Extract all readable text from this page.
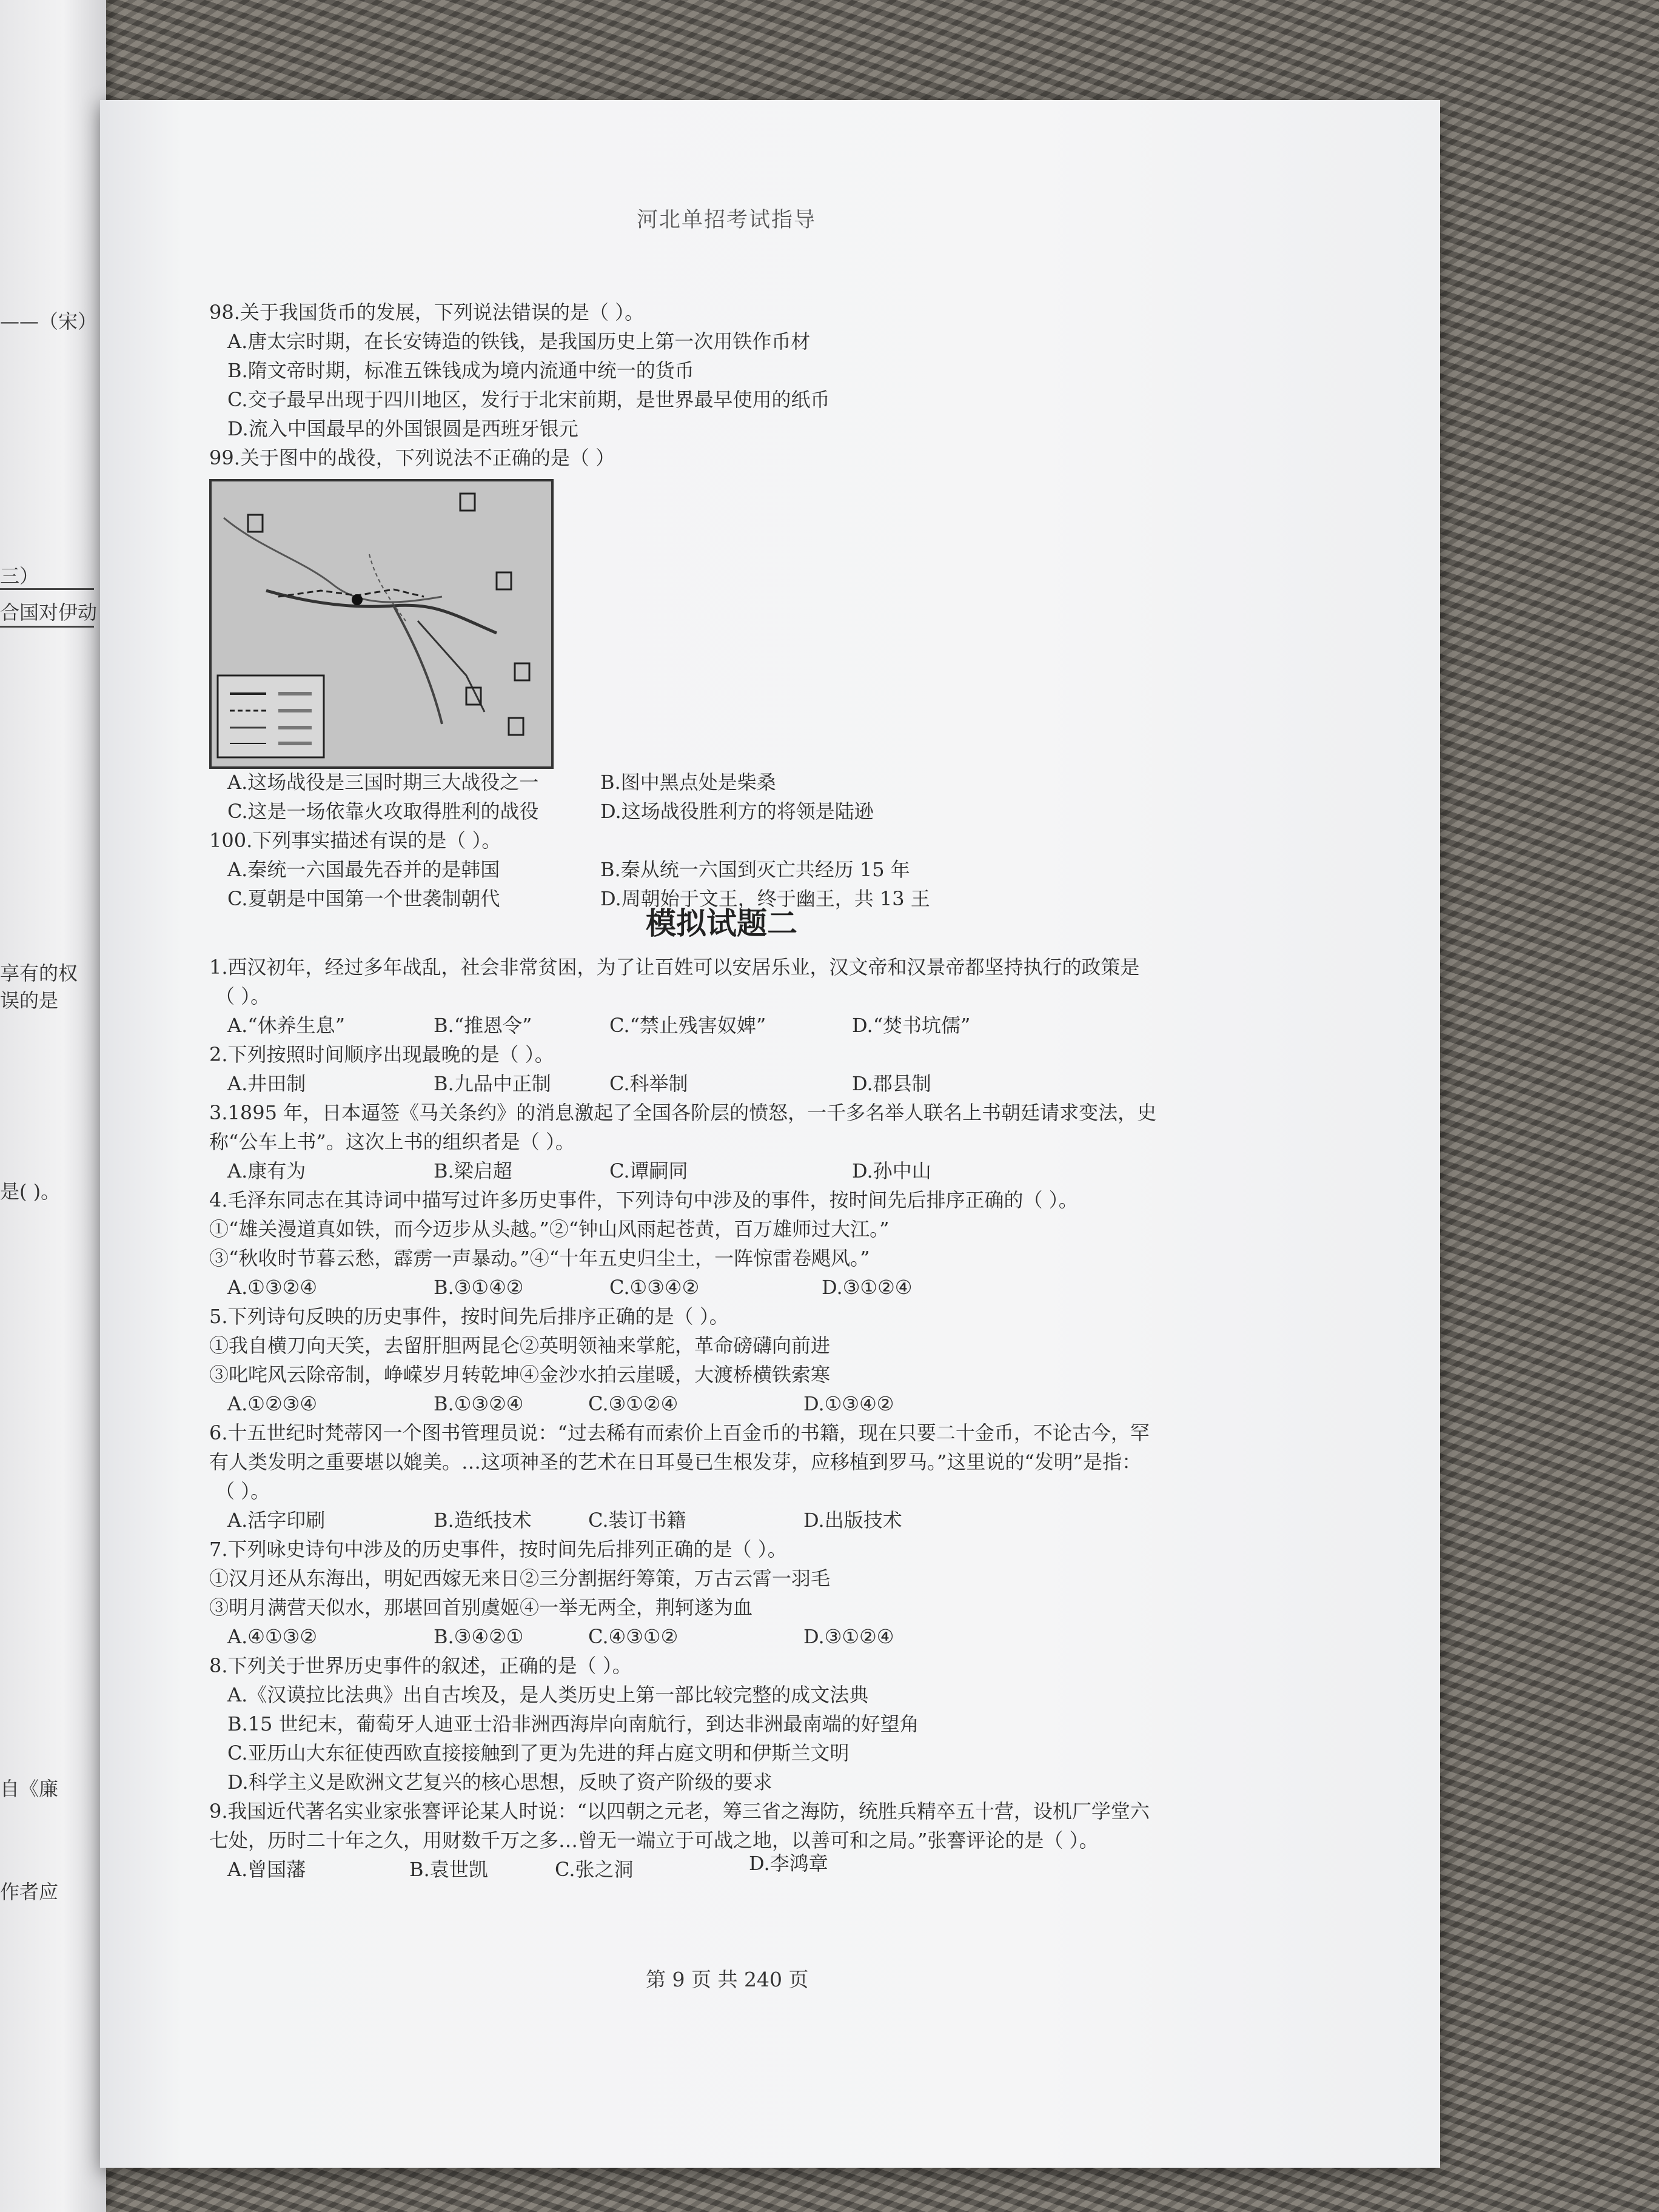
——（宋）
三）
合国对伊动
享有的权
误的是
是( )。
自《廉
作者应
河北单招考试指导
98.关于我国货币的发展，下列说法错误的是（ ）。
A.唐太宗时期，在长安铸造的铁钱，是我国历史上第一次用铁作币材
B.隋文帝时期，标准五铢钱成为境内流通中统一的货币
C.交子最早出现于四川地区，发行于北宋前期，是世界最早使用的纸币
D.流入中国最早的外国银圆是西班牙银元
99.关于图中的战役，下列说法不正确的是（ ）
A.这场战役是三国时期三大战役之一	B.图中黑点处是柴桑
C.这是一场依靠火攻取得胜利的战役	D.这场战役胜利方的将领是陆逊
100.下列事实描述有误的是（ ）。
A.秦统一六国最先吞并的是韩国	B.秦从统一六国到灭亡共经历 15 年
C.夏朝是中国第一个世袭制朝代	D.周朝始于文王，终于幽王，共 13 王
模拟试题二
1.西汉初年，经过多年战乱，社会非常贫困，为了让百姓可以安居乐业，汉文帝和汉景帝都坚持执行的政策是
（ ）。
A.“休养生息”	B.“推恩令”	C.“禁止残害奴婢”	D.“焚书坑儒”
2.下列按照时间顺序出现最晚的是（ ）。
A.井田制	B.九品中正制	C.科举制	D.郡县制
3.1895 年，日本逼签《马关条约》的消息激起了全国各阶层的愤怒，一千多名举人联名上书朝廷请求变法，史
称“公车上书”。这次上书的组织者是（ ）。
A.康有为	B.梁启超	C.谭嗣同	D.孙中山
4.毛泽东同志在其诗词中描写过许多历史事件，下列诗句中涉及的事件，按时间先后排序正确的（ ）。
①“雄关漫道真如铁，而今迈步从头越。”②“钟山风雨起苍黄，百万雄师过大江。”
③“秋收时节暮云愁，霹雳一声暴动。”④“十年五史归尘土，一阵惊雷卷飓风。”
A.①③②④	B.③①④②	C.①③④②	D.③①②④
5.下列诗句反映的历史事件，按时间先后排序正确的是（ ）。
①我自横刀向天笑，去留肝胆两昆仑②英明领袖来掌舵，革命磅礴向前进
③叱咤风云除帝制，峥嵘岁月转乾坤④金沙水拍云崖暖，大渡桥横铁索寒
A.①②③④	B.①③②④	C.③①②④	D.①③④②
6.十五世纪时梵蒂冈一个图书管理员说：“过去稀有而索价上百金币的书籍，现在只要二十金币，不论古今，罕
有人类发明之重要堪以媲美。…这项神圣的艺术在日耳曼已生根发芽，应移植到罗马。”这里说的“发明”是指：
（ ）。
A.活字印刷	B.造纸技术	C.装订书籍	D.出版技术
7.下列咏史诗句中涉及的历史事件，按时间先后排列正确的是（ ）。
①汉月还从东海出，明妃西嫁无来日②三分割据纡筹策，万古云霄一羽毛
③明月满营天似水，那堪回首别虞姬④一举无两全，荆轲遂为血
A.④①③②	B.③④②①	C.④③①②	D.③①②④
8.下列关于世界历史事件的叙述，正确的是（ ）。
A.《汉谟拉比法典》出自古埃及，是人类历史上第一部比较完整的成文法典
B.15 世纪末，葡萄牙人迪亚士沿非洲西海岸向南航行，到达非洲最南端的好望角
C.亚历山大东征使西欧直接接触到了更为先进的拜占庭文明和伊斯兰文明
D.科学主义是欧洲文艺复兴的核心思想，反映了资产阶级的要求
9.我国近代著名实业家张謇评论某人时说：“以四朝之元老，筹三省之海防，统胜兵精卒五十营，设机厂学堂六
七处，历时二十年之久，用财数千万之多…曾无一端立于可战之地，以善可和之局。”张謇评论的是（ ）。
A.曾国藩	B.袁世凯	C.张之洞	D.李鸿章
第 9 页 共 240 页
